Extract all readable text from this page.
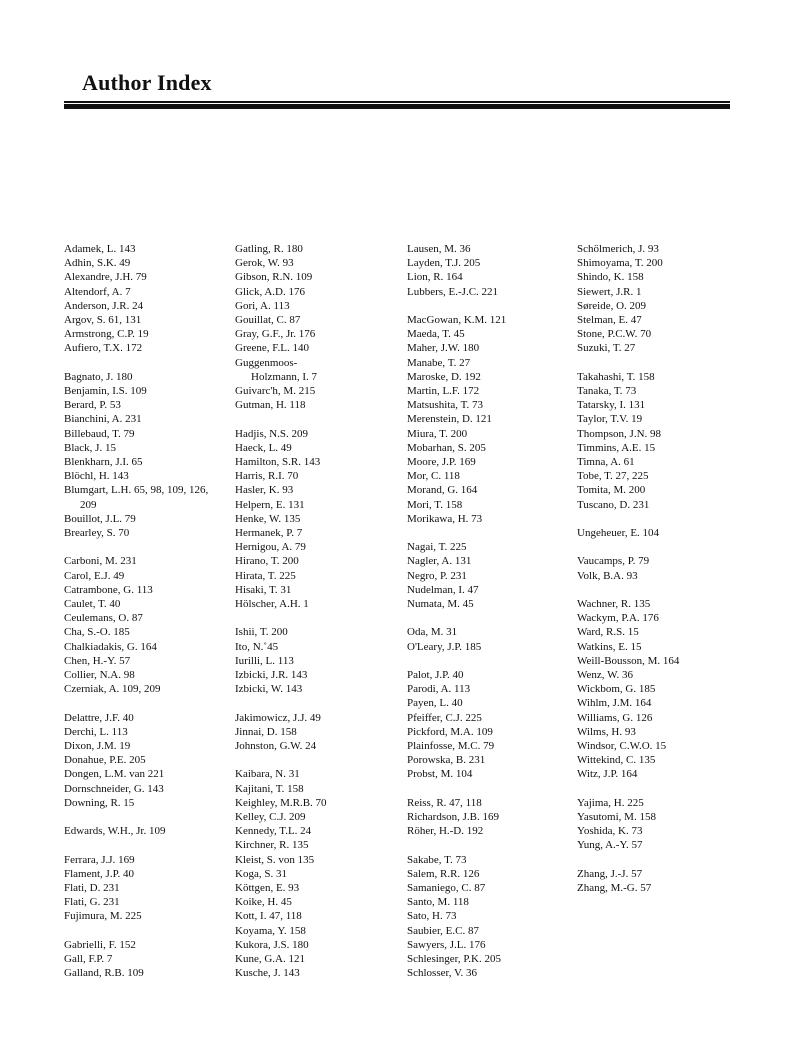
Author Index
Adamek, L. 143
Adhin, S.K. 49
Alexandre, J.H. 79
Altendorf, A. 7
Anderson, J.R. 24
Argov, S. 61, 131
Armstrong, C.P. 19
Aufiero, T.X. 172
Bagnato, J. 180
Benjamin, I.S. 109
Berard, P. 53
Bianchini, A. 231
Billebaud, T. 79
Black, J. 15
Blenkharn, J.I. 65
Blöchl, H. 143
Blumgart, L.H. 65, 98, 109, 126,
209
Bouillot, J.L. 79
Brearley, S. 70
Carboni, M. 231
Carol, E.J. 49
Catrambone, G. 113
Caulet, T. 40
Ceulemans, O. 87
Cha, S.-O. 185
Chalkiadakis, G. 164
Chen, H.-Y. 57
Collier, N.A. 98
Czerniak, A. 109, 209
Delattre, J.F. 40
Derchi, L. 113
Dixon, J.M. 19
Donahue, P.E. 205
Dongen, L.M. van 221
Dornschneider, G. 143
Downing, R. 15
Edwards, W.H., Jr. 109
Ferrara, J.J. 169
Flament, J.P. 40
Flati, D. 231
Flati, G. 231
Fujimura, M. 225
Gabrielli, F. 152
Gall, F.P. 7
Galland, R.B. 109
Gatling, R. 180
Gerok, W. 93
Gibson, R.N. 109
Glick, A.D. 176
Gori, A. 113
Gouillat, C. 87
Gray, G.F., Jr. 176
Greene, F.L. 140
Guggenmoos-
Holzmann, I. 7
Guivarc'h, M. 215
Gutman, H. 118
Hadjis, N.S. 209
Haeck, L. 49
Hamilton, S.R. 143
Harris, R.I. 70
Hasler, K. 93
Helpern, E. 131
Henke, W. 135
Hermanek, P. 7
Hernigou, A. 79
Hirano, T. 200
Hirata, T. 225
Hisaki, T. 31
Hölscher, A.H. 1
Ishii, T. 200
Ito, N.˚45
Iurilli, L. 113
Izbicki, J.R. 143
Izbicki, W. 143
Jakimowicz, J.J. 49
Jinnai, D. 158
Johnston, G.W. 24
Kaibara, N. 31
Kajitani, T. 158
Keighley, M.R.B. 70
Kelley, C.J. 209
Kennedy, T.L. 24
Kirchner, R. 135
Kleist, S. von 135
Koga, S. 31
Köttgen, E. 93
Koike, H. 45
Kott, I. 47, 118
Koyama, Y. 158
Kukora, J.S. 180
Kune, G.A. 121
Kusche, J. 143
Lausen, M. 36
Layden, T.J. 205
Lion, R. 164
Lubbers, E.-J.C. 221
MacGowan, K.M. 121
Maeda, T. 45
Maher, J.W. 180
Manabe, T. 27
Maroske, D. 192
Martin, L.F. 172
Matsushita, T. 73
Merenstein, D. 121
Miura, T. 200
Mobarhan, S. 205
Moore, J.P. 169
Mor, C. 118
Morand, G. 164
Mori, T. 158
Morikawa, H. 73
Nagai, T. 225
Nagler, A. 131
Negro, P. 231
Nudelman, I. 47
Numata, M. 45
Oda, M. 31
O'Leary, J.P. 185
Palot, J.P. 40
Parodi, A. 113
Payen, L. 40
Pfeiffer, C.J. 225
Pickford, M.A. 109
Plainfosse, M.C. 79
Porowska, B. 231
Probst, M. 104
Reiss, R. 47, 118
Richardson, J.B. 169
Röher, H.-D. 192
Sakabe, T. 73
Salem, R.R. 126
Samaniego, C. 87
Santo, M. 118
Sato, H. 73
Saubier, E.C. 87
Sawyers, J.L. 176
Schlesinger, P.K. 205
Schlosser, V. 36
Schölmerich, J. 93
Shimoyama, T. 200
Shindo, K. 158
Siewert, J.R. 1
Søreide, O. 209
Stelman, E. 47
Stone, P.C.W. 70
Suzuki, T. 27
Takahashi, T. 158
Tanaka, T. 73
Tatarsky, I. 131
Taylor, T.V. 19
Thompson, J.N. 98
Timmins, A.E. 15
Timna, A. 61
Tobe, T. 27, 225
Tomita, M. 200
Tuscano, D. 231
Ungeheuer, E. 104
Vaucamps, P. 79
Volk, B.A. 93
Wachner, R. 135
Wackym, P.A. 176
Ward, R.S. 15
Watkins, E. 15
Weill-Bousson, M. 164
Wenz, W. 36
Wickbom, G. 185
Wihlm, J.M. 164
Williams, G. 126
Wilms, H. 93
Windsor, C.W.O. 15
Wittekind, C. 135
Witz, J.P. 164
Yajima, H. 225
Yasutomi, M. 158
Yoshida, K. 73
Yung, A.-Y. 57
Zhang, J.-J. 57
Zhang, M.-G. 57
